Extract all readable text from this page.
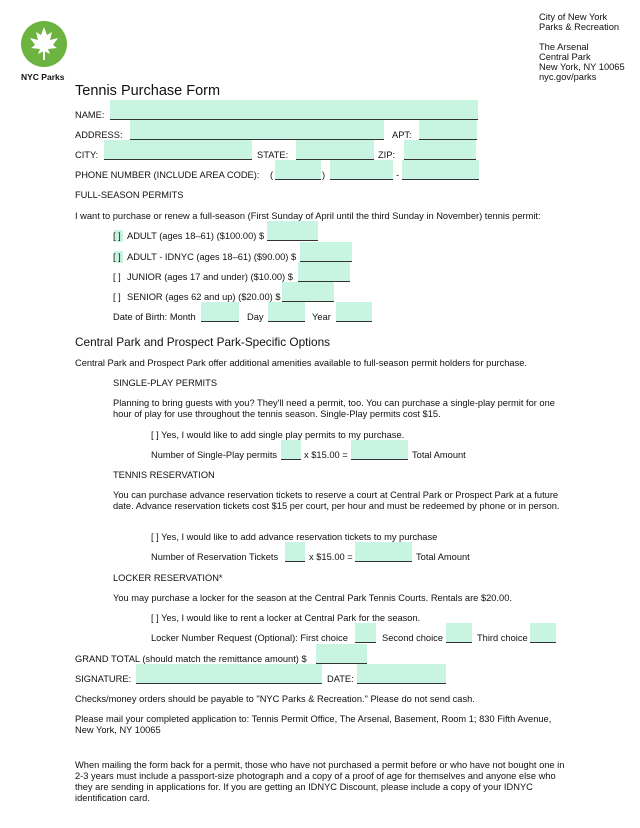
NYC Parks
City of New York
Parks & Recreation
The Arsenal
Central Park
New York, NY 10065
nyc.gov/parks
Tennis Purchase Form
NAME:
ADDRESS:	APT:
CITY:	STATE:	ZIP:
PHONE NUMBER (INCLUDE AREA CODE): (	)	-
FULL-SEASON PERMITS
I want to purchase or renew a full-season (First Sunday of April until the third Sunday in November) tennis permit:
[ ] ADULT (ages 18–61) ($100.00) $
[ ] ADULT - IDNYC (ages 18–61) ($90.00) $
[ ] JUNIOR (ages 17 and under) ($10.00) $
[ ] SENIOR (ages 62 and up) ($20.00) $
Date of Birth: Month	Day	Year
Central Park and Prospect Park-Specific Options
Central Park and Prospect Park offer additional amenities available to full-season permit holders for purchase.
SINGLE-PLAY PERMITS
Planning to bring guests with you? They'll need a permit, too. You can purchase a single-play permit for one hour of play for use throughout the tennis season. Single-Play permits cost $15.
[ ] Yes, I would like to add single play permits to my purchase.
Number of Single-Play permits	x $15.00 =	Total Amount
TENNIS RESERVATION
You can purchase advance reservation tickets to reserve a court at Central Park or Prospect Park at a future date. Advance reservation tickets cost $15 per court, per hour and must be redeemed by phone or in person.
[ ] Yes, I would like to add advance reservation tickets to my purchase
Number of Reservation Tickets	x $15.00 =	Total Amount
LOCKER RESERVATION*
You may purchase a locker for the season at the Central Park Tennis Courts. Rentals are $20.00.
[ ] Yes, I would like to rent a locker at Central Park for the season.
Locker Number Request (Optional): First choice	Second choice	Third choice
GRAND TOTAL (should match the remittance amount) $
SIGNATURE:	DATE:
Checks/money orders should be payable to "NYC Parks & Recreation." Please do not send cash.
Please mail your completed application to: Tennis Permit Office, The Arsenal, Basement, Room 1; 830 Fifth Avenue, New York, NY 10065
When mailing the form back for a permit, those who have not purchased a permit before or who have not bought one in 2-3 years must include a passport-size photograph and a copy of a proof of age for themselves and anyone else who they are sending in applications for. If you are getting an IDNYC Discount, please include a copy of your IDNYC identification card.
